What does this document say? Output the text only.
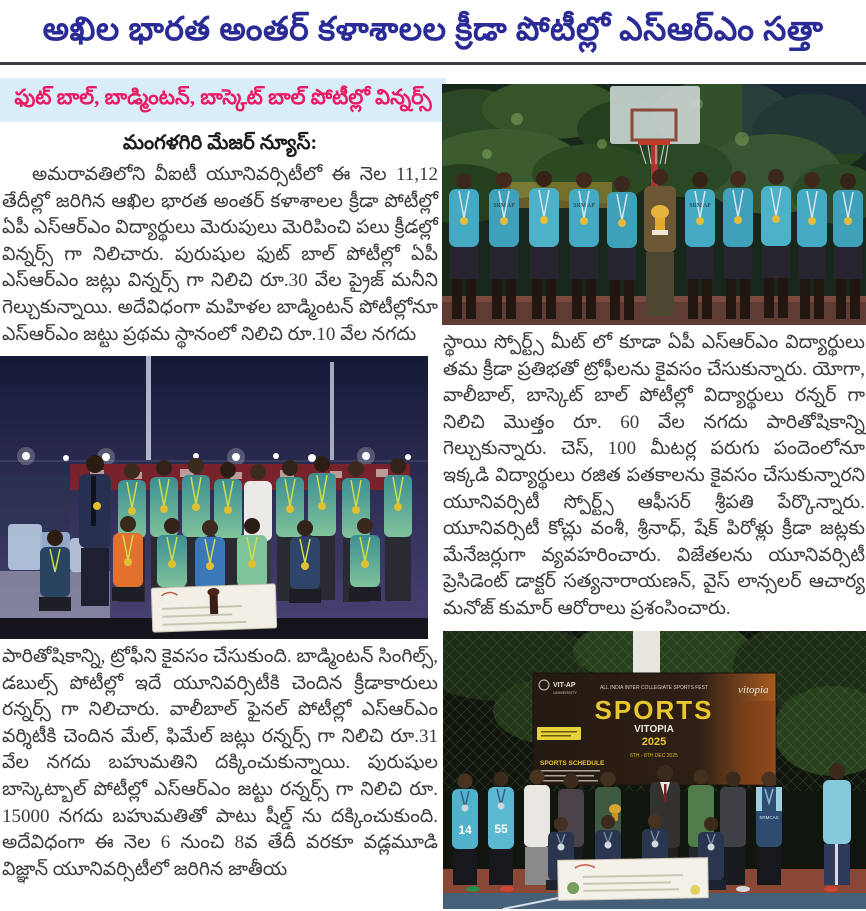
అఖిల భారత అంతర్ కళాశాలల క్రీడా పోటీల్లో ఎస్ఆర్ఎం సత్తా
ఫుట్ బాల్, బాడ్మింటన్, బాస్కెట్ బాల్ పోటీల్లో విన్నర్స్
మంగళగిరి మేజర్ న్యూస్:
అమరావతిలోని వీఐటీ యూనివర్సిటీలో ఈ నెల 11,12 తేదీల్లో జరిగిన ఆఖిల భారత అంతర్ కళాశాలల క్రీడా పోటీల్లో ఏపీ ఎస్ఆర్ఎం విద్యార్థులు మెరుపులు మెరిపించి పలు క్రీడల్లో విన్నర్స్ గా నిలిచారు. పురుషుల ఫుట్ బాల్ పోటీల్లో ఏపీ ఎస్ఆర్ఎం జట్లు విన్నర్స్ గా నిలిచి రూ.30 వేల ప్రైజ్ మనీని గెల్చుకున్నాయి. అదేవిధంగా మహిళల బాడ్మింటన్ పోటీల్లోనూ ఎస్ఆర్ఎం జట్టు ప్రథమ స్థానంలో నిలిచి రూ.10 వేల నగదు
పారితోషికాన్ని, ట్రోఫీని కైవసం చేసుకుంది. బాడ్మింటన్ సింగిల్స్, డబుల్స్ పోటీల్లో ఇదే యూనివర్సిటీకి చెందిన క్రీడాకారులు రన్నర్స్ గా నిలిచారు. వాలీబాల్ ఫైనల్ పోటీల్లో ఎస్ఆర్ఎం వర్శిటీకి చెందిన మేల్, ఫిమేల్ జట్లు రన్నర్స్ గా నిలిచి రూ.31 వేల నగదు బహుమతిని దక్కించుకున్నాయి. పురుషుల బాస్కెట్బాల్ పోటీల్లో ఎస్ఆర్ఎం జట్టు రన్నర్స్ గా నిలిచి రూ. 15000 నగదు బహుమతితో పాటు షీల్డ్ ను దక్కించుకుంది. అదేవిధంగా ఈ నెల 6 నుంచి 8వ తేదీ వరకూ వడ్లమూడి విజ్ఞాన్ యూనివర్సిటీలో జరిగిన జాతీయ
స్థాయి స్పోర్ట్స్ మీట్ లో కూడా ఏపీ ఎస్ఆర్ఎం విద్యార్థులు తమ క్రీడా ప్రతిభతో ట్రోఫీలను కైవసం చేసుకున్నారు. యోగా, వాలీబాల్, బాస్కెట్ బాల్ పోటీల్లో విద్యార్థులు రన్నర్ గా నిలిచి మొత్తం రూ. 60 వేల నగదు పారితోషికాన్ని గెల్చుకున్నారు. చెస్, 100 మీటర్ల పరుగు పందెంలోనూ ఇక్కడి విద్యార్థులు రజిత పతకాలను కైవసం చేసుకున్నారని యూనివర్సిటీ స్పోర్ట్స్ ఆఫీసర్ శ్రీపతి పేర్కొన్నారు. యూనివర్సిటీ కోచ్లు వంశీ, శ్రీనాధ్, షేక్ పిరోళ్లు క్రీడా జట్లకు మేనేజర్లుగా వ్యవహరించారు. విజేతలను యూనివర్సిటీ ప్రెసిడెంట్ డాక్టర్ సత్యనారాయణన్, వైస్ లాన్సలర్ ఆచార్య మనోజ్ కుమార్ ఆరోరాలు ప్రశంసించారు.
SRM AP	SRM AP	SRM AP
ALL INDIA INTER COLLEGIATE SPORTS FEST
SPORTS
VITOPIA
2025
6TH - 8TH DEC 2025
VIT-AP
UNIVERSITY	vitopia
SPORTS SCHEDULE
14 55
SRMCAS
